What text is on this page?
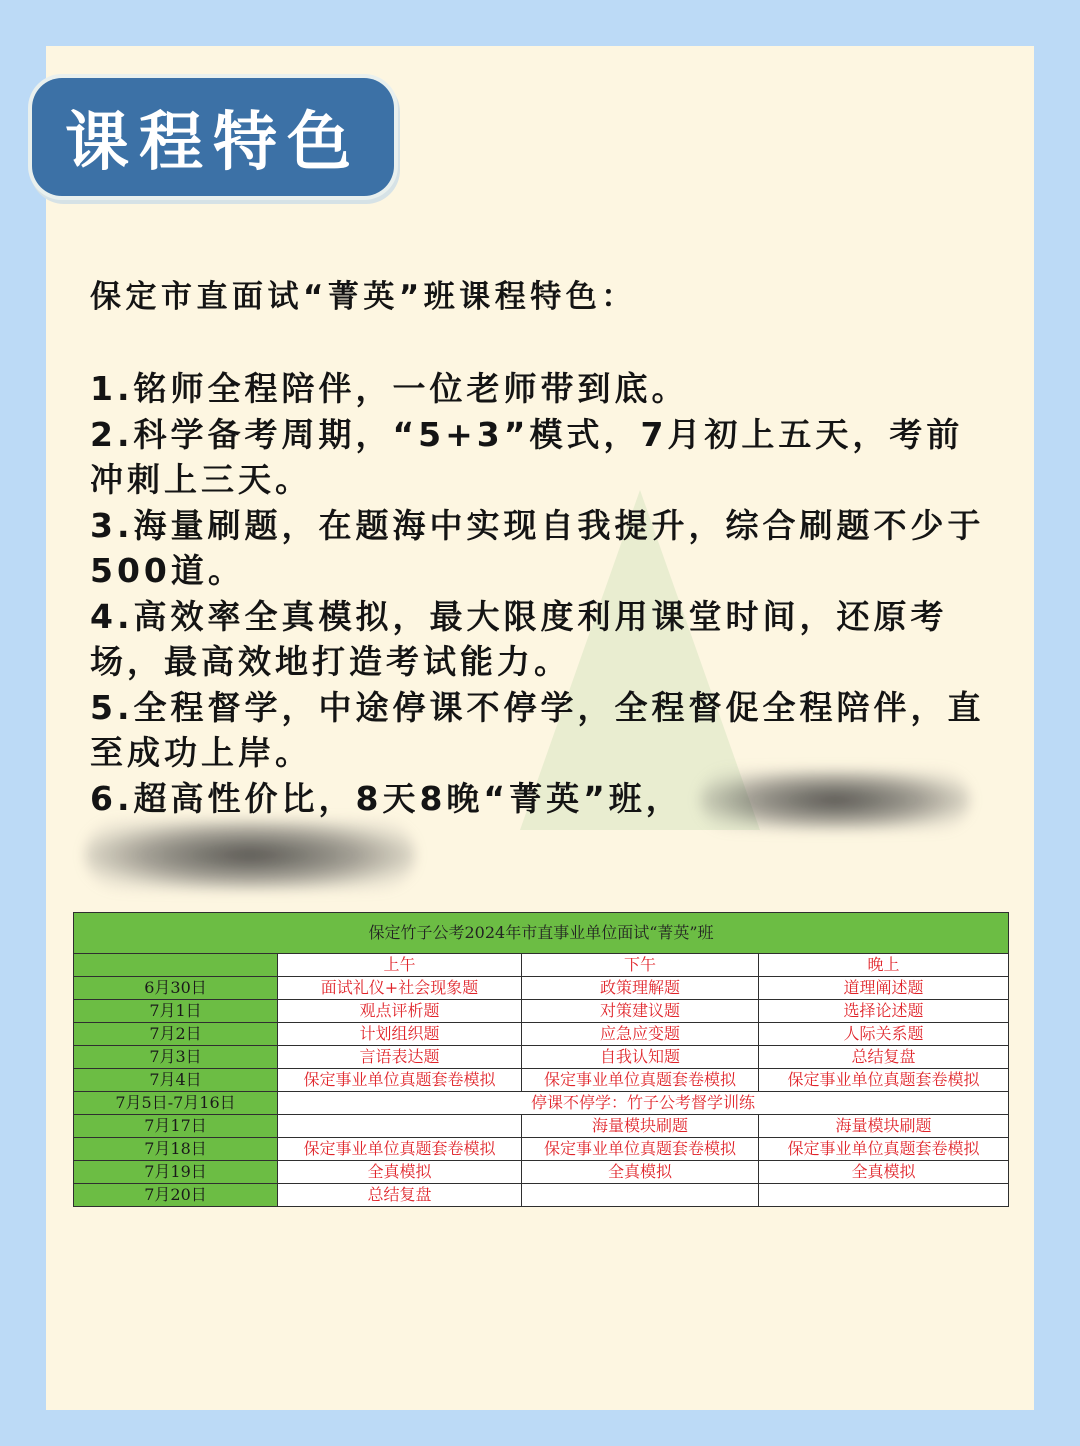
课程特色

保定市直面试“菁英”班课程特色：

1.铭师全程陪伴，一位老师带到底。

2.科学备考周期，“5+3”模式，7月初上五天，考前冲刺上三天。

3.海量刷题，在题海中实现自我提升，综合刷题不少于500道。

4.高效率全真模拟，最大限度利用课堂时间，还原考场，最高效地打造考试能力。

5.全程督学，中途停课不停学，全程督促全程陪伴，直至成功上岸。

6.超高性价比，8天8晚“菁英”班，

保定竹子公考2024年市直事业单位面试“菁英”班			
	上午	下午	晚上
6月30日	面试礼仪+社会现象题	政策理解题	道理阐述题
7月1日	观点评析题	对策建议题	选择论述题
7月2日	计划组织题	应急应变题	人际关系题
7月3日	言语表达题	自我认知题	总结复盘
7月4日	保定事业单位真题套卷模拟	保定事业单位真题套卷模拟	保定事业单位真题套卷模拟
7月5日-7月16日	停课不停学：竹子公考督学训练		
7月17日		海量模块刷题	海量模块刷题
7月18日	保定事业单位真题套卷模拟	保定事业单位真题套卷模拟	保定事业单位真题套卷模拟
7月19日	全真模拟	全真模拟	全真模拟
7月20日	总结复盘		
